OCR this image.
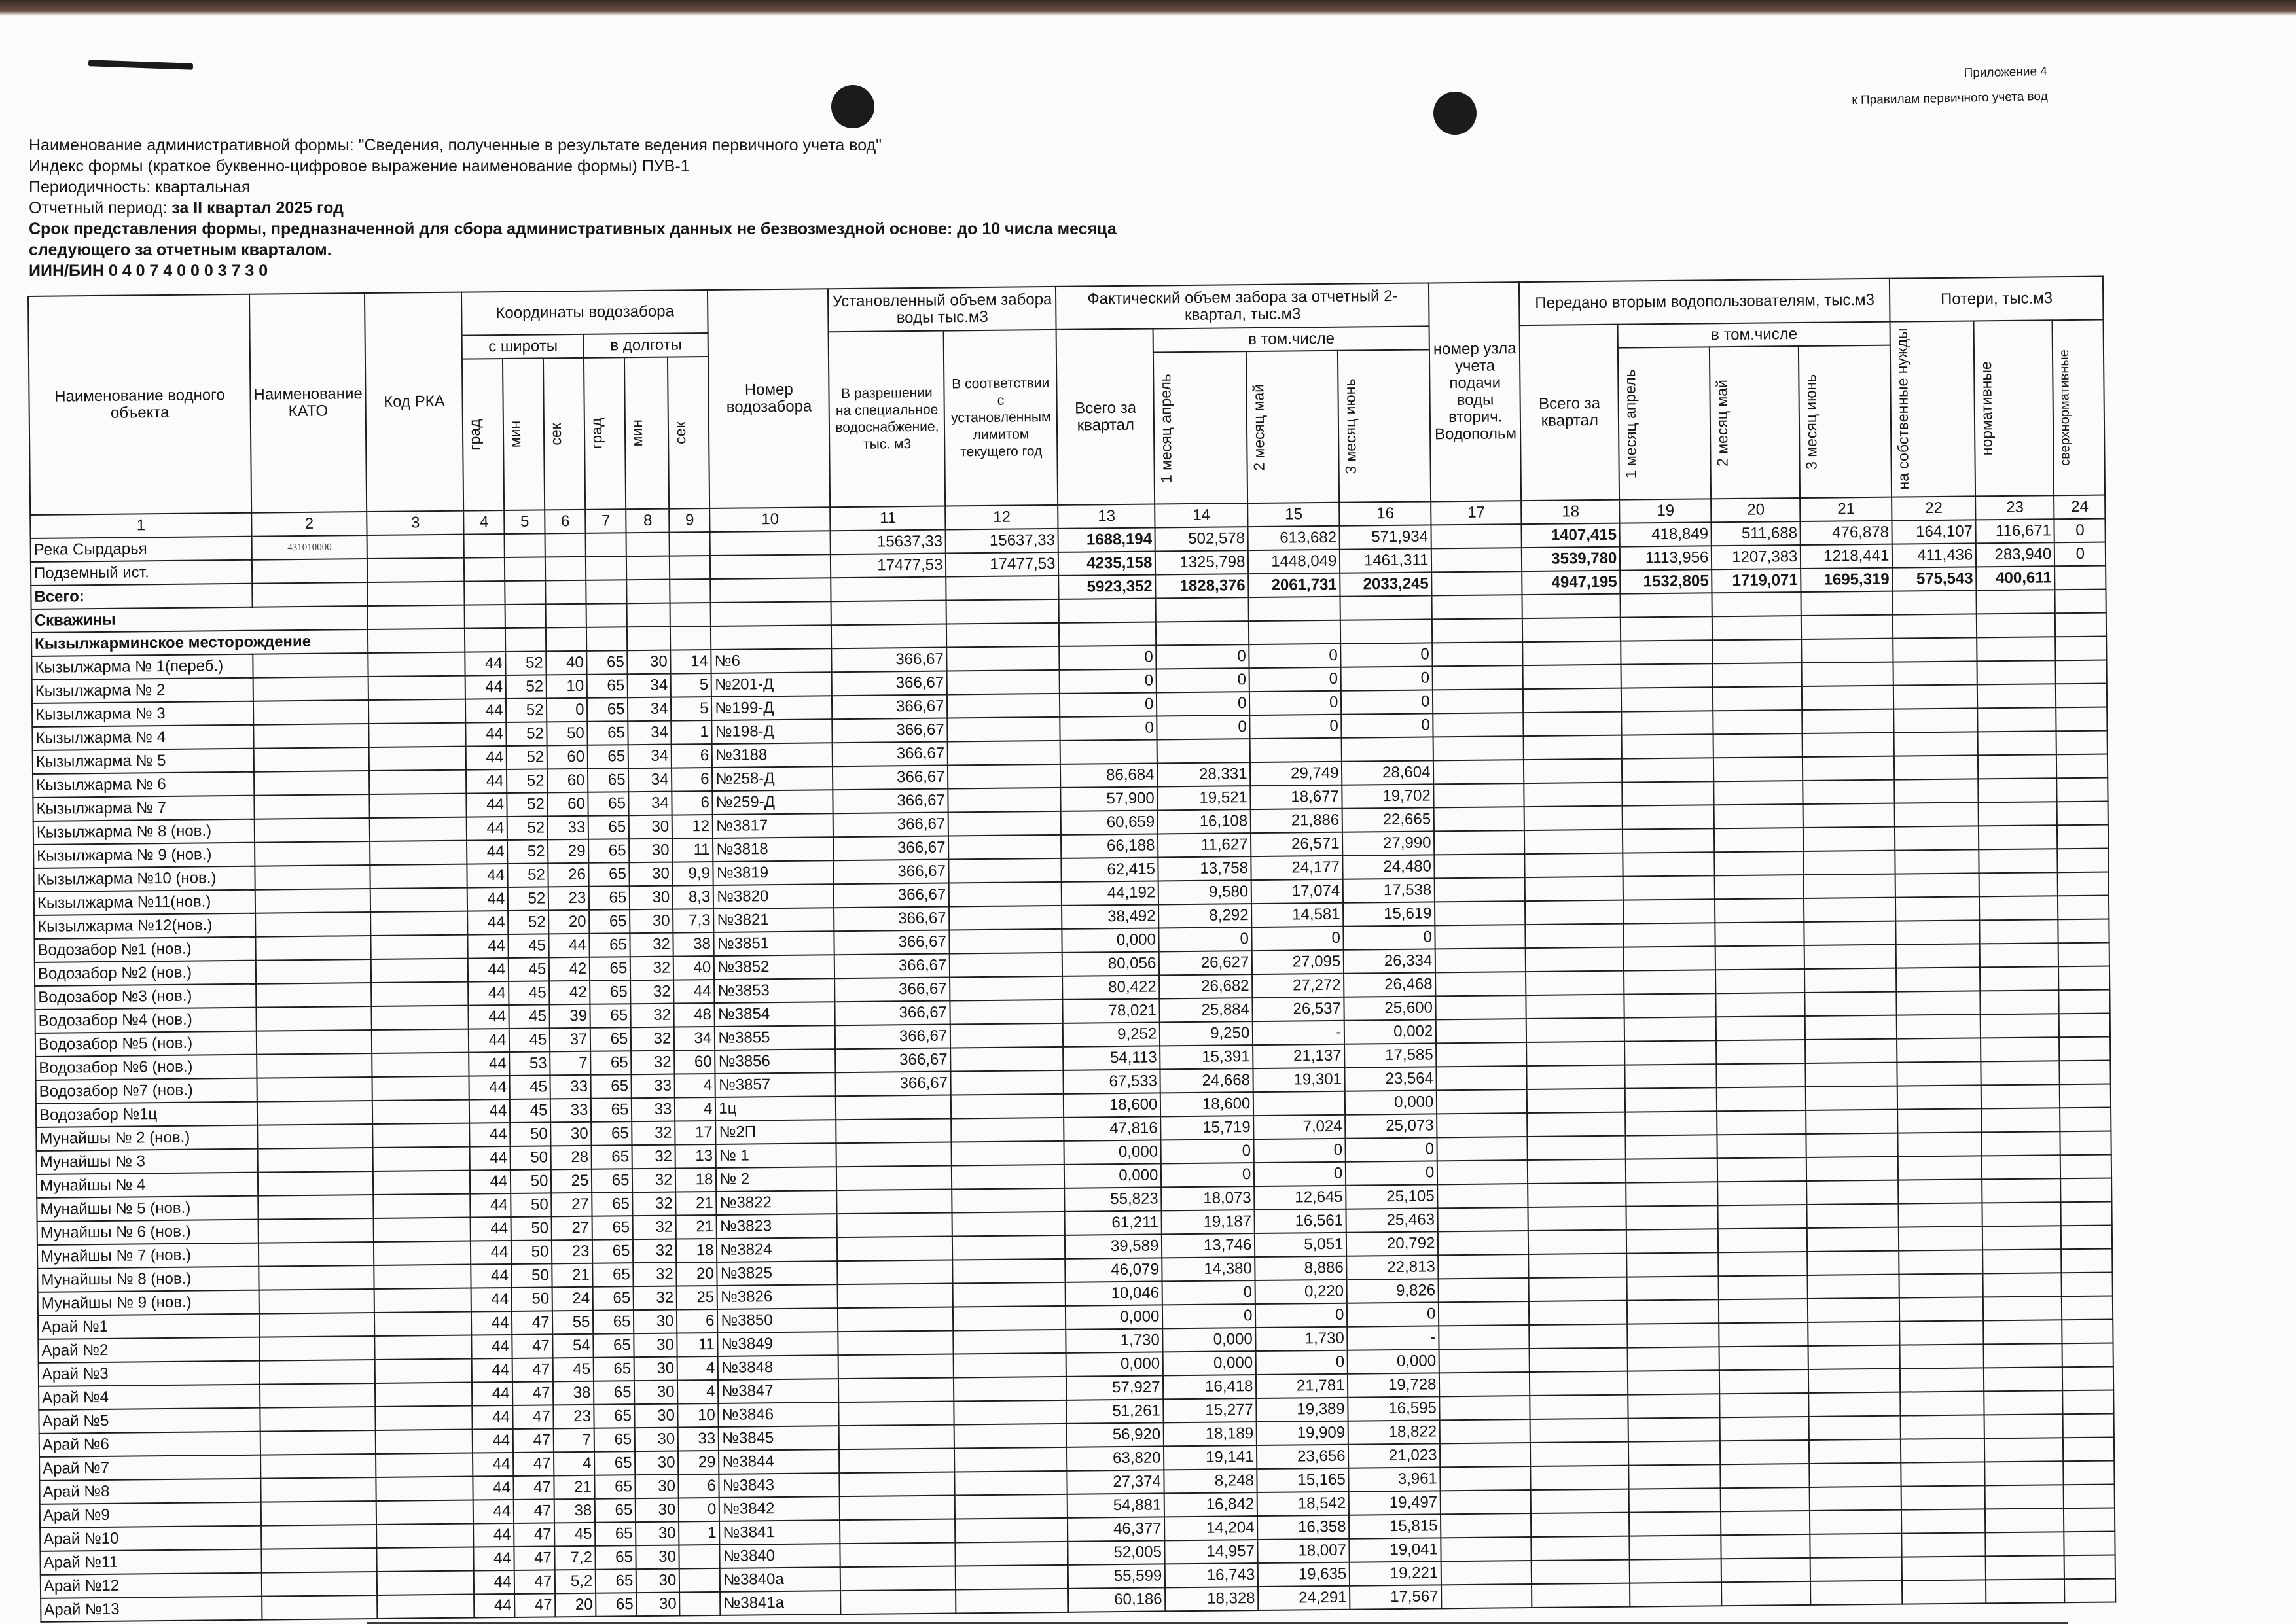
Приложение 4
к Правилам первичного учета вод
Наименование административной формы: "Сведения, полученные в результате ведения первичного учета вод"
Индекс формы (краткое буквенно-цифровое выражение наименование формы) ПУВ-1
Периодичность: квартальная
Отчетный период: за II квартал 2025 год
Срок представления формы, предназначенной для сбора административных данных не безвозмездной основе: до 10 числа месяца
следующего за отчетным кварталом.
ИИН/БИН 0 4 0 7 4 0 0 0 3 7 3 0
Наименование водного объекта	Наименование КАТО	Код РКА	Координаты водозабора						Номер водозабора	Установленный объем забора воды тыс.м3		Фактический объем забора за отчетный 2-квартал, тыс.м3				номер узла учета подачи воды вторич. Водопольм	Передано вторым водопользователям, тыс.м3				Потери, тыс.м3		
			с широты			в долготы				В разрешении на специальное водоснабжение, тыс. м3	В соответствии с установленным лимитом текущего год	Всего за квартал	в том.числе				Всего за квартал	в том.числе			на собственные нужды	нормативные	сверхнормативные

			град	мин	сек	град	мин	сек					1 месяц апрель	2 месяц май	3 месяц июнь			1 месяц апрель	2 месяц май	3 месяц июнь			

1	2	3	4	5	6	7	8	9	10	11	12	13	14	15	16	17	18	19	20	21	22	23	24
Река Сырдарья	431010000									15637,33	15637,33	1688,194	502,578	613,682	571,934		1407,415	418,849	511,688	476,878	164,107	116,671	0
Подземный ист.										17477,53	17477,53	4235,158	1325,798	1448,049	1461,311		3539,780	1113,956	1207,383	1218,441	411,436	283,940	0
Всего:												5923,352	1828,376	2061,731	2033,245		4947,195	1532,805	1719,071	1695,319	575,543	400,611	
Скважины																							
Кызылжарминское месторождение																							
Кызылжарма № 1(переб.)			44	52	40	65	30	14	№6	366,67		0	0	0	0								
Кызылжарма № 2			44	52	10	65	34	5	№201-Д	366,67		0	0	0	0								
Кызылжарма № 3			44	52	0	65	34	5	№199-Д	366,67		0	0	0	0								
Кызылжарма № 4			44	52	50	65	34	1	№198-Д	366,67		0	0	0	0								
Кызылжарма № 5			44	52	60	65	34	6	№3188	366,67													
Кызылжарма № 6			44	52	60	65	34	6	№258-Д	366,67		86,684	28,331	29,749	28,604								
Кызылжарма № 7			44	52	60	65	34	6	№259-Д	366,67		57,900	19,521	18,677	19,702								
Кызылжарма № 8 (нов.)			44	52	33	65	30	12	№3817	366,67		60,659	16,108	21,886	22,665								
Кызылжарма № 9 (нов.)			44	52	29	65	30	11	№3818	366,67		66,188	11,627	26,571	27,990								
Кызылжарма №10 (нов.)			44	52	26	65	30	9,9	№3819	366,67		62,415	13,758	24,177	24,480								
Кызылжарма №11(нов.)			44	52	23	65	30	8,3	№3820	366,67		44,192	9,580	17,074	17,538								
Кызылжарма №12(нов.)			44	52	20	65	30	7,3	№3821	366,67		38,492	8,292	14,581	15,619								
Водозабор №1 (нов.)			44	45	44	65	32	38	№3851	366,67		0,000	0	0	0								
Водозабор №2 (нов.)			44	45	42	65	32	40	№3852	366,67		80,056	26,627	27,095	26,334								
Водозабор №3 (нов.)			44	45	42	65	32	44	№3853	366,67		80,422	26,682	27,272	26,468								
Водозабор №4 (нов.)			44	45	39	65	32	48	№3854	366,67		78,021	25,884	26,537	25,600								
Водозабор №5 (нов.)			44	45	37	65	32	34	№3855	366,67		9,252	9,250	-	0,002								
Водозабор №6 (нов.)			44	53	7	65	32	60	№3856	366,67		54,113	15,391	21,137	17,585								
Водозабор №7 (нов.)			44	45	33	65	33	4	№3857	366,67		67,533	24,668	19,301	23,564								
Водозабор №1ц			44	45	33	65	33	4	1ц			18,600	18,600		0,000								
Мунайшы № 2 (нов.)			44	50	30	65	32	17	№2П			47,816	15,719	7,024	25,073								
Мунайшы № 3			44	50	28	65	32	13	№ 1			0,000	0	0	0								
Мунайшы № 4			44	50	25	65	32	18	№ 2			0,000	0	0	0								
Мунайшы № 5 (нов.)			44	50	27	65	32	21	№3822			55,823	18,073	12,645	25,105								
Мунайшы № 6 (нов.)			44	50	27	65	32	21	№3823			61,211	19,187	16,561	25,463								
Мунайшы № 7 (нов.)			44	50	23	65	32	18	№3824			39,589	13,746	5,051	20,792								
Мунайшы № 8 (нов.)			44	50	21	65	32	20	№3825			46,079	14,380	8,886	22,813								
Мунайшы № 9 (нов.)			44	50	24	65	32	25	№3826			10,046	0	0,220	9,826								
Арай №1			44	47	55	65	30	6	№3850			0,000	0	0	0								
Арай №2			44	47	54	65	30	11	№3849			1,730	0,000	1,730	-								
Арай №3			44	47	45	65	30	4	№3848			0,000	0,000	0	0,000								
Арай №4			44	47	38	65	30	4	№3847			57,927	16,418	21,781	19,728								
Арай №5			44	47	23	65	30	10	№3846			51,261	15,277	19,389	16,595								
Арай №6			44	47	7	65	30	33	№3845			56,920	18,189	19,909	18,822								
Арай №7			44	47	4	65	30	29	№3844			63,820	19,141	23,656	21,023								
Арай №8			44	47	21	65	30	6	№3843			27,374	8,248	15,165	3,961								
Арай №9			44	47	38	65	30	0	№3842			54,881	16,842	18,542	19,497								
Арай №10			44	47	45	65	30	1	№3841			46,377	14,204	16,358	15,815								
Арай №11			44	47	7,2	65	30		№3840			52,005	14,957	18,007	19,041								
Арай №12			44	47	5,2	65	30		№3840а			55,599	16,743	19,635	19,221								
Арай №13			44	47	20	65	30		№3841а			60,186	18,328	24,291	17,567								
